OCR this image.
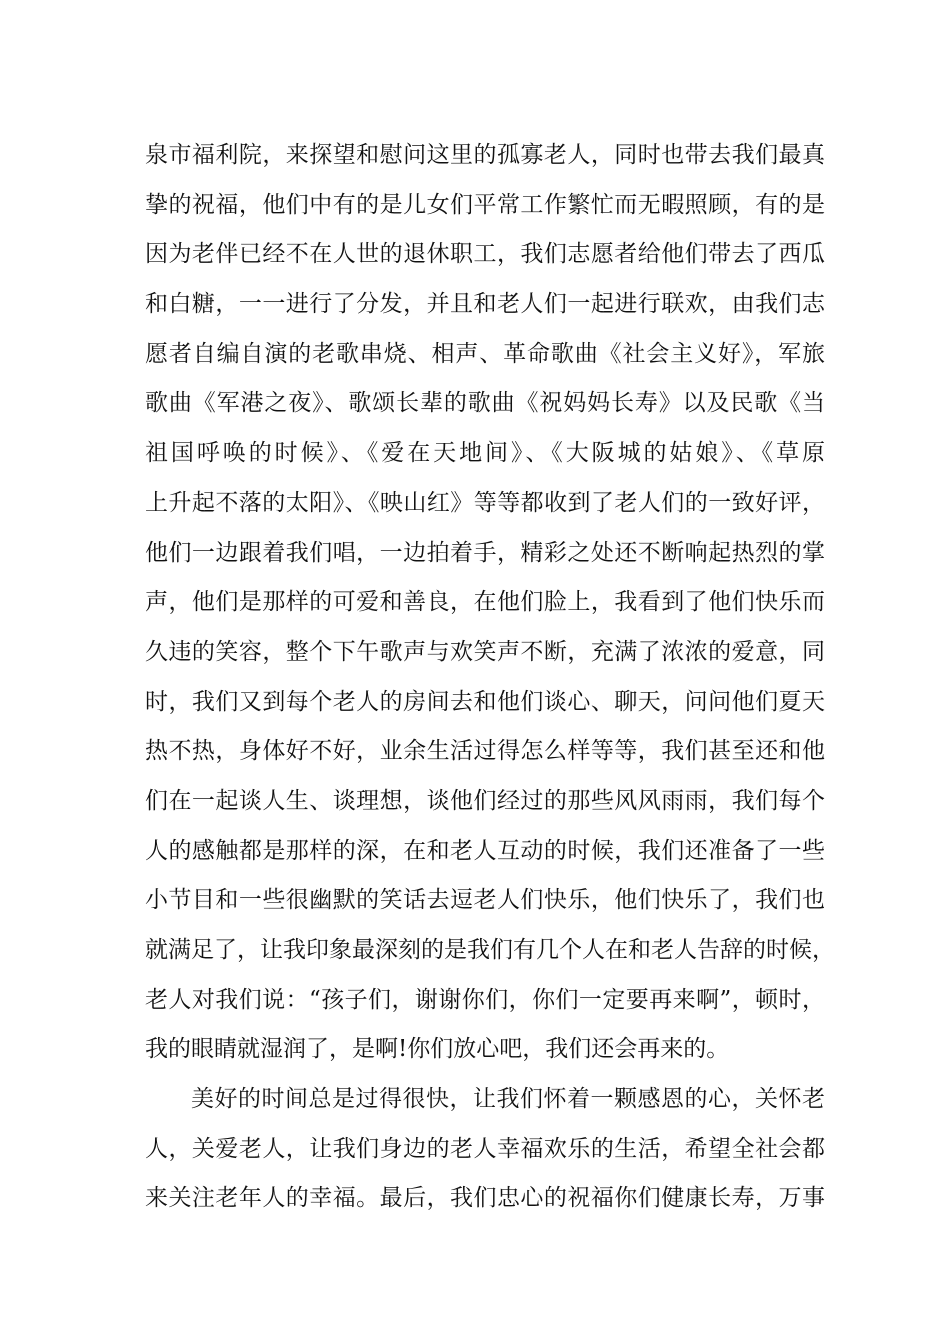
泉市福利院，来探望和慰问这里的孤寡老人，同时也带去我们最真
挚的祝福，他们中有的是儿女们平常工作繁忙而无暇照顾，有的是
因为老伴已经不在人世的退休职工，我们志愿者给他们带去了西瓜
和白糖，一一进行了分发，并且和老人们一起进行联欢，由我们志
愿者自编自演的老歌串烧、相声、革命歌曲《社会主义好》，军旅
歌曲《军港之夜》、歌颂长辈的歌曲《祝妈妈长寿》以及民歌《当
祖国呼唤的时候》、《爱在天地间》、《大阪城的姑娘》、《草原
上升起不落的太阳》、《映山红》等等都收到了老人们的一致好评，
他们一边跟着我们唱，一边拍着手，精彩之处还不断响起热烈的掌
声，他们是那样的可爱和善良，在他们脸上，我看到了他们快乐而
久违的笑容，整个下午歌声与欢笑声不断，充满了浓浓的爱意，同
时，我们又到每个老人的房间去和他们谈心、聊天，问问他们夏天
热不热，身体好不好，业余生活过得怎么样等等，我们甚至还和他
们在一起谈人生、谈理想，谈他们经过的那些风风雨雨，我们每个
人的感触都是那样的深，在和老人互动的时候，我们还准备了一些
小节目和一些很幽默的笑话去逗老人们快乐，他们快乐了，我们也
就满足了，让我印象最深刻的是我们有几个人在和老人告辞的时候，
老人对我们说：“孩子们，谢谢你们，你们一定要再来啊”，顿时，
我的眼睛就湿润了，是啊!你们放心吧，我们还会再来的。
美好的时间总是过得很快，让我们怀着一颗感恩的心，关怀老
人，关爱老人，让我们身边的老人幸福欢乐的生活，希望全社会都
来关注老年人的幸福。最后，我们忠心的祝福你们健康长寿，万事
